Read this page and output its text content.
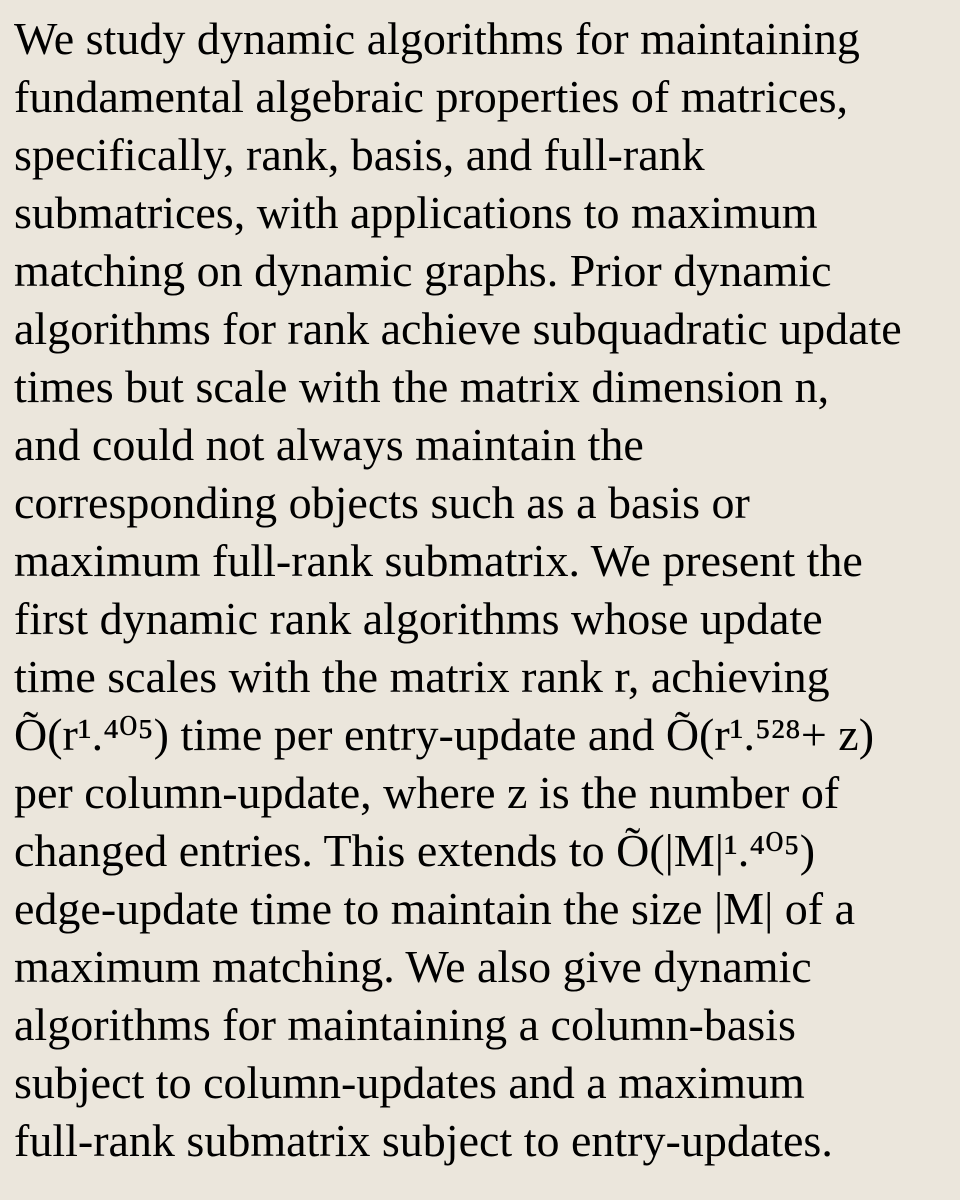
We study dynamic algorithms for maintaining
fundamental algebraic properties of matrices,
specifically, rank, basis, and full-rank
submatrices, with applications to maximum
matching on dynamic graphs. Prior dynamic
algorithms for rank achieve subquadratic update
times but scale with the matrix dimension n,
and could not always maintain the
corresponding objects such as a basis or
maximum full-rank submatrix. We present the
first dynamic rank algorithms whose update
time scales with the matrix rank r, achieving
Õ(r¹.⁴⁰⁵) time per entry-update and Õ(r¹.⁵²⁸+ z)
per column-update, where z is the number of
changed entries. This extends to Õ(|M|¹.⁴⁰⁵)
edge-update time to maintain the size |M| of a
maximum matching. We also give dynamic
algorithms for maintaining a column-basis
subject to column-updates and a maximum
full-rank submatrix subject to entry-updates.
